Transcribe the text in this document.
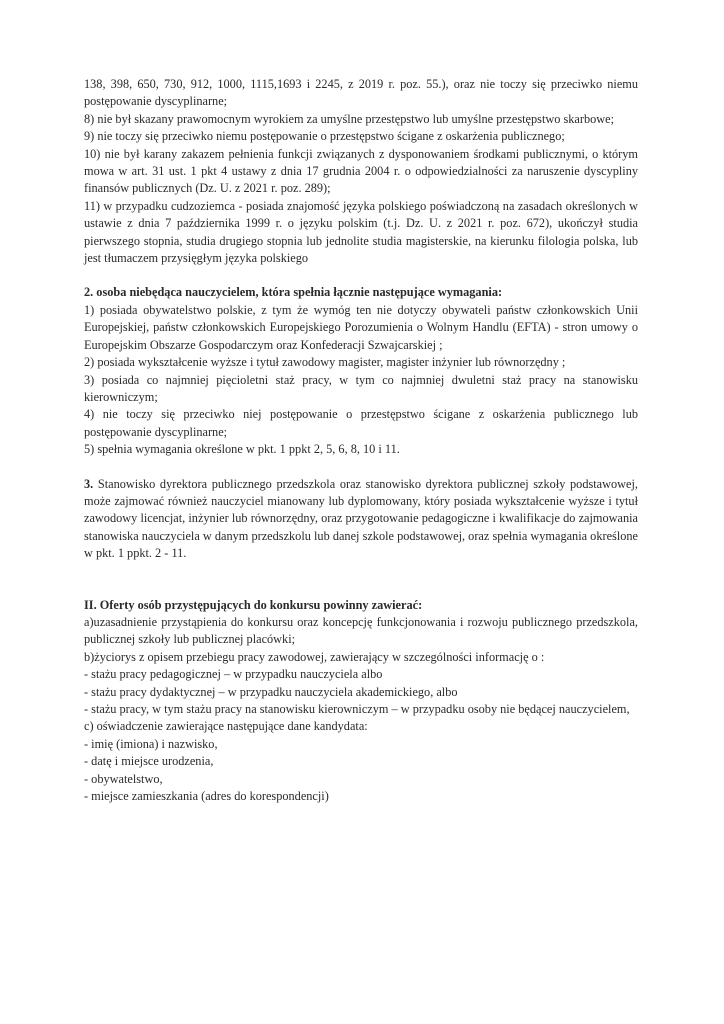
138, 398, 650, 730, 912, 1000, 1115,1693 i 2245, z 2019 r. poz. 55.), oraz nie toczy się przeciwko niemu postępowanie dyscyplinarne;

8) nie był skazany prawomocnym wyrokiem za umyślne przestępstwo lub umyślne przestępstwo skarbowe;

9) nie toczy się przeciwko niemu postępowanie o przestępstwo ścigane z oskarżenia publicznego;

10) nie był karany zakazem pełnienia funkcji związanych z dysponowaniem środkami publicznymi, o którym mowa w art. 31 ust. 1 pkt 4 ustawy z dnia 17 grudnia 2004 r. o odpowiedzialności za naruszenie dyscypliny finansów publicznych (Dz. U. z 2021 r. poz. 289);

11) w przypadku cudzoziemca - posiada znajomość języka polskiego poświadczoną na zasadach określonych w ustawie z dnia 7 października 1999 r. o języku polskim (t.j. Dz. U. z 2021 r. poz. 672), ukończył studia pierwszego stopnia, studia drugiego stopnia lub jednolite studia magisterskie, na kierunku filologia polska, lub jest tłumaczem przysięgłym języka polskiego

2. osoba niebędąca nauczycielem, która spełnia łącznie następujące wymagania:

1) posiada obywatelstwo polskie, z tym że wymóg ten nie dotyczy obywateli państw członkowskich Unii Europejskiej, państw członkowskich Europejskiego Porozumienia o Wolnym Handlu (EFTA) - stron umowy o Europejskim Obszarze Gospodarczym oraz Konfederacji Szwajcarskiej ;

2) posiada wykształcenie wyższe i tytuł zawodowy magister, magister inżynier lub równorzędny ;

3) posiada co najmniej pięcioletni staż pracy, w tym co najmniej dwuletni staż pracy na stanowisku kierowniczym;

4) nie toczy się przeciwko niej postępowanie o przestępstwo ścigane z oskarżenia publicznego lub postępowanie dyscyplinarne;

5) spełnia wymagania określone w pkt. 1 ppkt 2, 5, 6, 8, 10 i 11.

3. Stanowisko dyrektora publicznego przedszkola oraz stanowisko dyrektora publicznej szkoły podstawowej, może zajmować również nauczyciel mianowany lub dyplomowany, który posiada wykształcenie wyższe i tytuł zawodowy licencjat, inżynier lub równorzędny, oraz przygotowanie pedagogiczne i kwalifikacje do zajmowania stanowiska nauczyciela w danym przedszkolu lub danej szkole podstawowej, oraz spełnia wymagania określone w pkt. 1 ppkt. 2 - 11.

II. Oferty osób przystępujących do konkursu powinny zawierać:

a)uzasadnienie przystąpienia do konkursu oraz koncepcję funkcjonowania i rozwoju publicznego przedszkola, publicznej szkoły lub publicznej placówki;

b)życiorys z opisem przebiegu pracy zawodowej, zawierający w szczególności informację o :

- stażu pracy pedagogicznej – w przypadku nauczyciela albo

- stażu pracy dydaktycznej – w przypadku nauczyciela akademickiego, albo

- stażu pracy, w tym stażu pracy na stanowisku kierowniczym – w przypadku osoby nie będącej nauczycielem,

c) oświadczenie zawierające następujące dane kandydata:

- imię (imiona) i nazwisko,

- datę i miejsce urodzenia,

- obywatelstwo,

- miejsce zamieszkania (adres do korespondencji)
